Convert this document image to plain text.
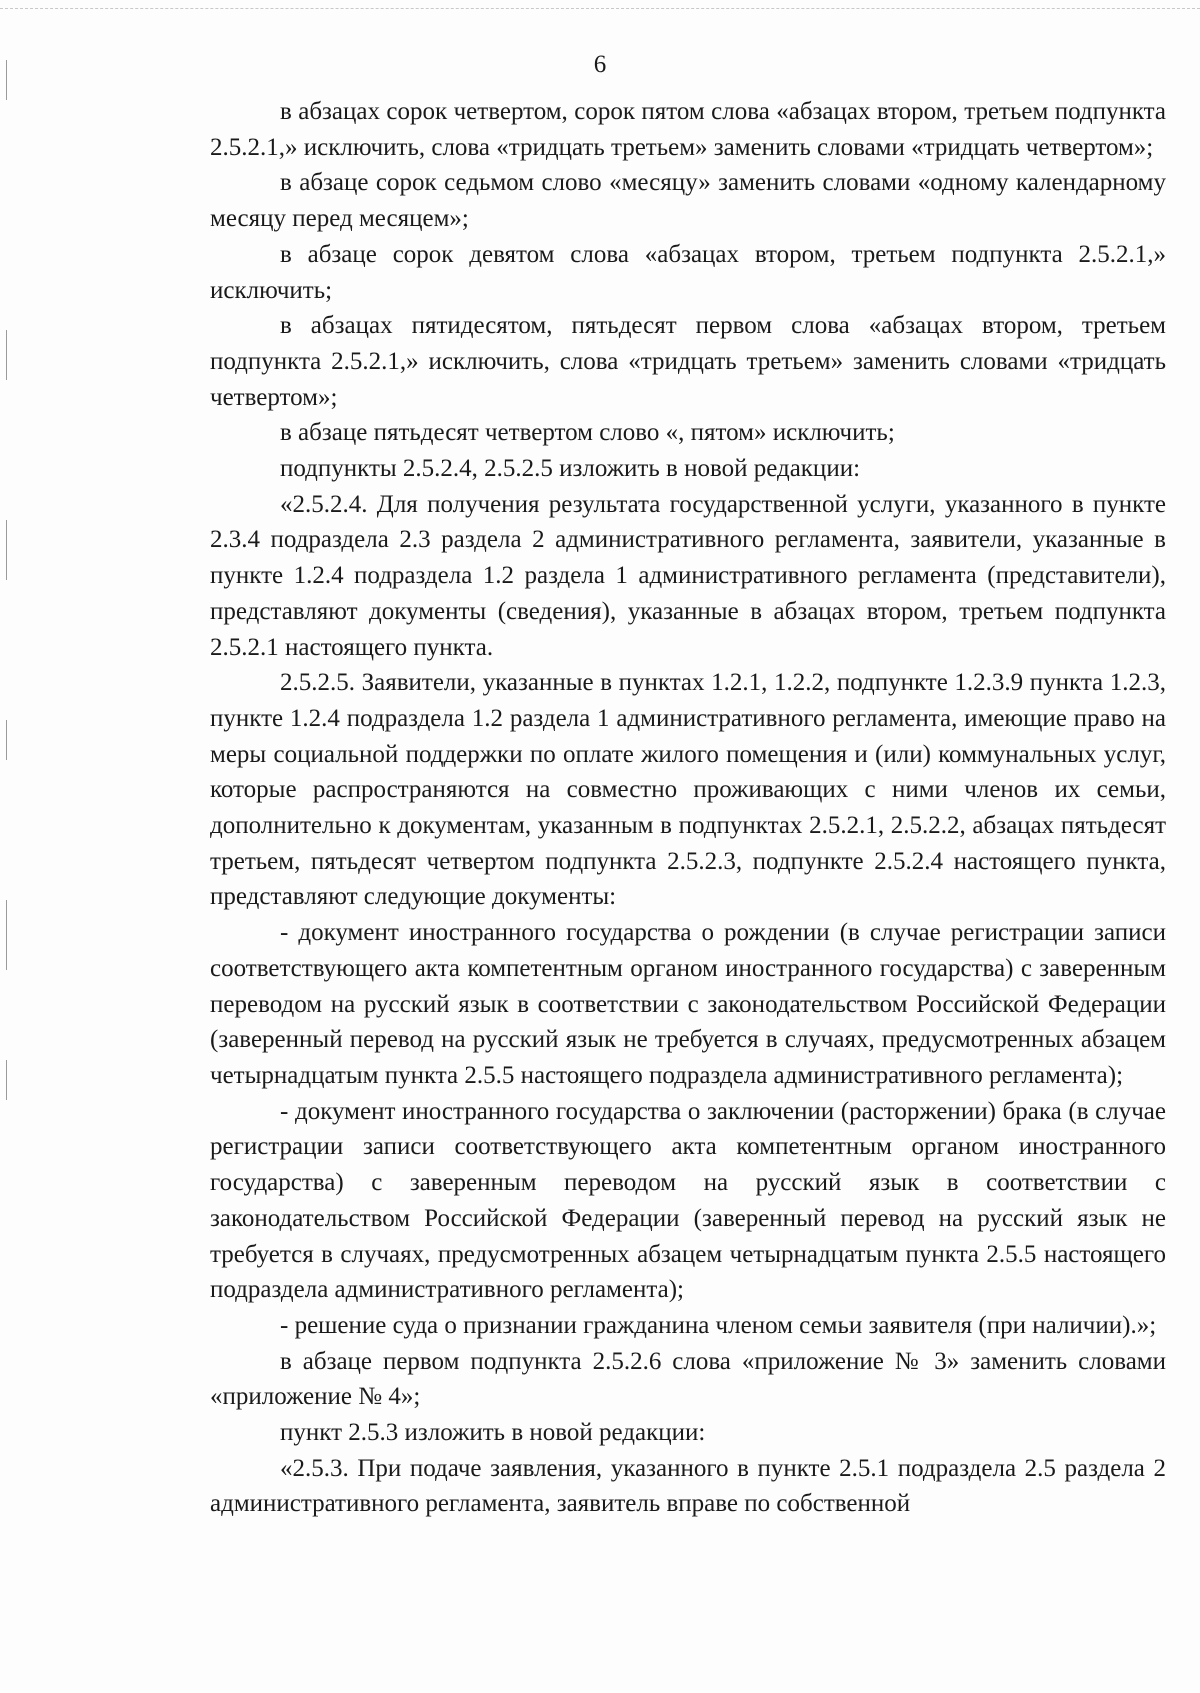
6

в абзацах сорок четвертом, сорок пятом слова «абзацах втором, третьем подпункта 2.5.2.1,» исключить, слова «тридцать третьем» заменить словами «тридцать четвертом»;

в абзаце сорок седьмом слово «месяцу» заменить словами «одному календарному месяцу перед месяцем»;

в абзаце сорок девятом слова «абзацах втором, третьем подпункта 2.5.2.1,» исключить;

в абзацах пятидесятом, пятьдесят первом слова «абзацах втором, третьем подпункта 2.5.2.1,» исключить, слова «тридцать третьем» заменить словами «тридцать четвертом»;

в абзаце пятьдесят четвертом слово «, пятом» исключить;

подпункты 2.5.2.4, 2.5.2.5 изложить в новой редакции:

«2.5.2.4. Для получения результата государственной услуги, указанного в пункте 2.3.4 подраздела 2.3 раздела 2 административного регламента, заявители, указанные в пункте 1.2.4 подраздела 1.2 раздела 1 административного регламента (представители), представляют документы (сведения), указанные в абзацах втором, третьем подпункта 2.5.2.1 настоящего пункта.

2.5.2.5. Заявители, указанные в пунктах 1.2.1, 1.2.2, подпункте 1.2.3.9 пункта 1.2.3, пункте 1.2.4 подраздела 1.2 раздела 1 административного регламента, имеющие право на меры социальной поддержки по оплате жилого помещения и (или) коммунальных услуг, которые распространяются на совместно проживающих с ними членов их семьи, дополнительно к документам, указанным в подпунктах 2.5.2.1, 2.5.2.2, абзацах пятьдесят третьем, пятьдесят четвертом подпункта 2.5.2.3, подпункте 2.5.2.4 настоящего пункта, представляют следующие документы:

- документ иностранного государства о рождении (в случае регистрации записи соответствующего акта компетентным органом иностранного государства) с заверенным переводом на русский язык в соответствии с законодательством Российской Федерации (заверенный перевод на русский язык не требуется в случаях, предусмотренных абзацем четырнадцатым пункта 2.5.5 настоящего подраздела административного регламента);

- документ иностранного государства о заключении (расторжении) брака (в случае регистрации записи соответствующего акта компетентным органом иностранного государства) с заверенным переводом на русский язык в соответствии с законодательством Российской Федерации (заверенный перевод на русский язык не требуется в случаях, предусмотренных абзацем четырнадцатым пункта 2.5.5 настоящего подраздела административного регламента);

- решение суда о признании гражданина членом семьи заявителя (при наличии).»;

в абзаце первом подпункта 2.5.2.6 слова «приложение № 3» заменить словами «приложение № 4»;

пункт 2.5.3 изложить в новой редакции:

«2.5.3. При подаче заявления, указанного в пункте 2.5.1 подраздела 2.5 раздела 2 административного регламента, заявитель вправе по собственной
